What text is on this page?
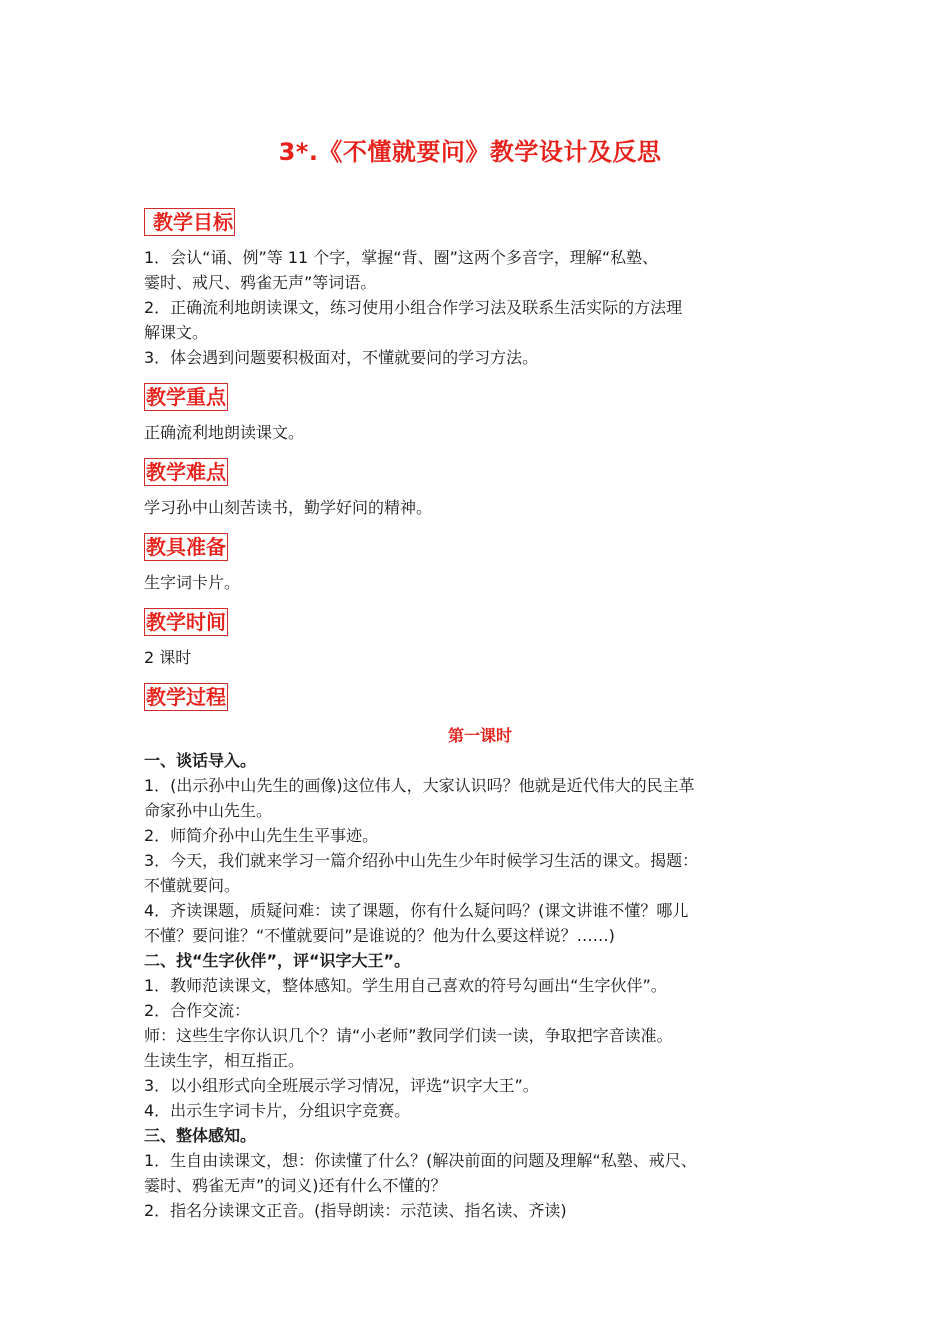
3*.《不懂就要问》教学设计及反思
教学目标

1．会认“诵、例”等 11 个字，掌握“背、圈”这两个多音字，理解“私塾、

霎时、戒尺、鸦雀无声”等词语。

2．正确流利地朗读课文，练习使用小组合作学习法及联系生活实际的方法理

解课文。

3．体会遇到问题要积极面对，不懂就要问的学习方法。

教学重点

正确流利地朗读课文。

教学难点

学习孙中山刻苦读书，勤学好问的精神。

教具准备

生字词卡片。

教学时间

2 课时

教学过程
第一课时

一、谈话导入。

1．(出示孙中山先生的画像)这位伟人，大家认识吗？他就是近代伟大的民主革

命家孙中山先生。

2．师简介孙中山先生生平事迹。

3．今天，我们就来学习一篇介绍孙中山先生少年时候学习生活的课文。揭题：

不懂就要问。

4．齐读课题，质疑问难：读了课题，你有什么疑问吗？(课文讲谁不懂？哪儿

不懂？要问谁？“不懂就要问”是谁说的？他为什么要这样说？……)

二、找“生字伙伴”，评“识字大王”。

1．教师范读课文，整体感知。学生用自己喜欢的符号勾画出“生字伙伴”。

2．合作交流：

师：这些生字你认识几个？请“小老师”教同学们读一读，争取把字音读准。

生读生字，相互指正。

3．以小组形式向全班展示学习情况，评选“识字大王”。

4．出示生字词卡片，分组识字竞赛。

三、整体感知。

1．生自由读课文，想：你读懂了什么？(解决前面的问题及理解“私塾、戒尺、

霎时、鸦雀无声”的词义)还有什么不懂的？

2．指名分读课文正音。(指导朗读：示范读、指名读、齐读)
